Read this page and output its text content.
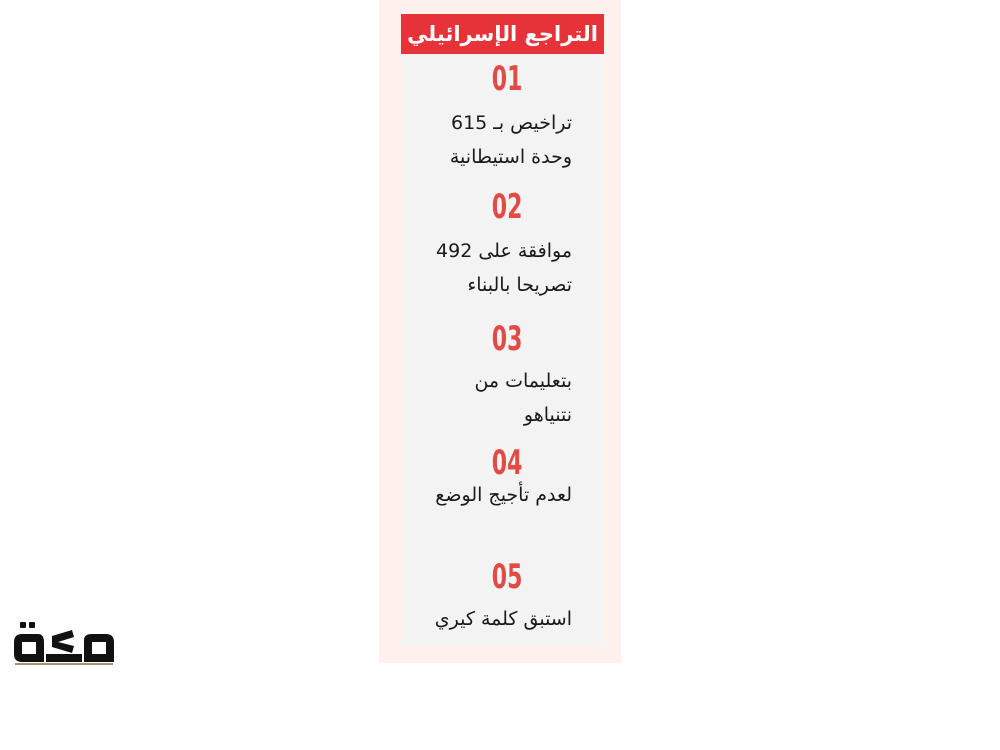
التراجع الإسرائيلي
01
تراخيص بـ 615
وحدة استيطانية
02
موافقة على 492
تصريحا بالبناء
03
بتعليمات من
نتنياهو
04
لعدم تأجيج الوضع
05
استبق كلمة كيري
